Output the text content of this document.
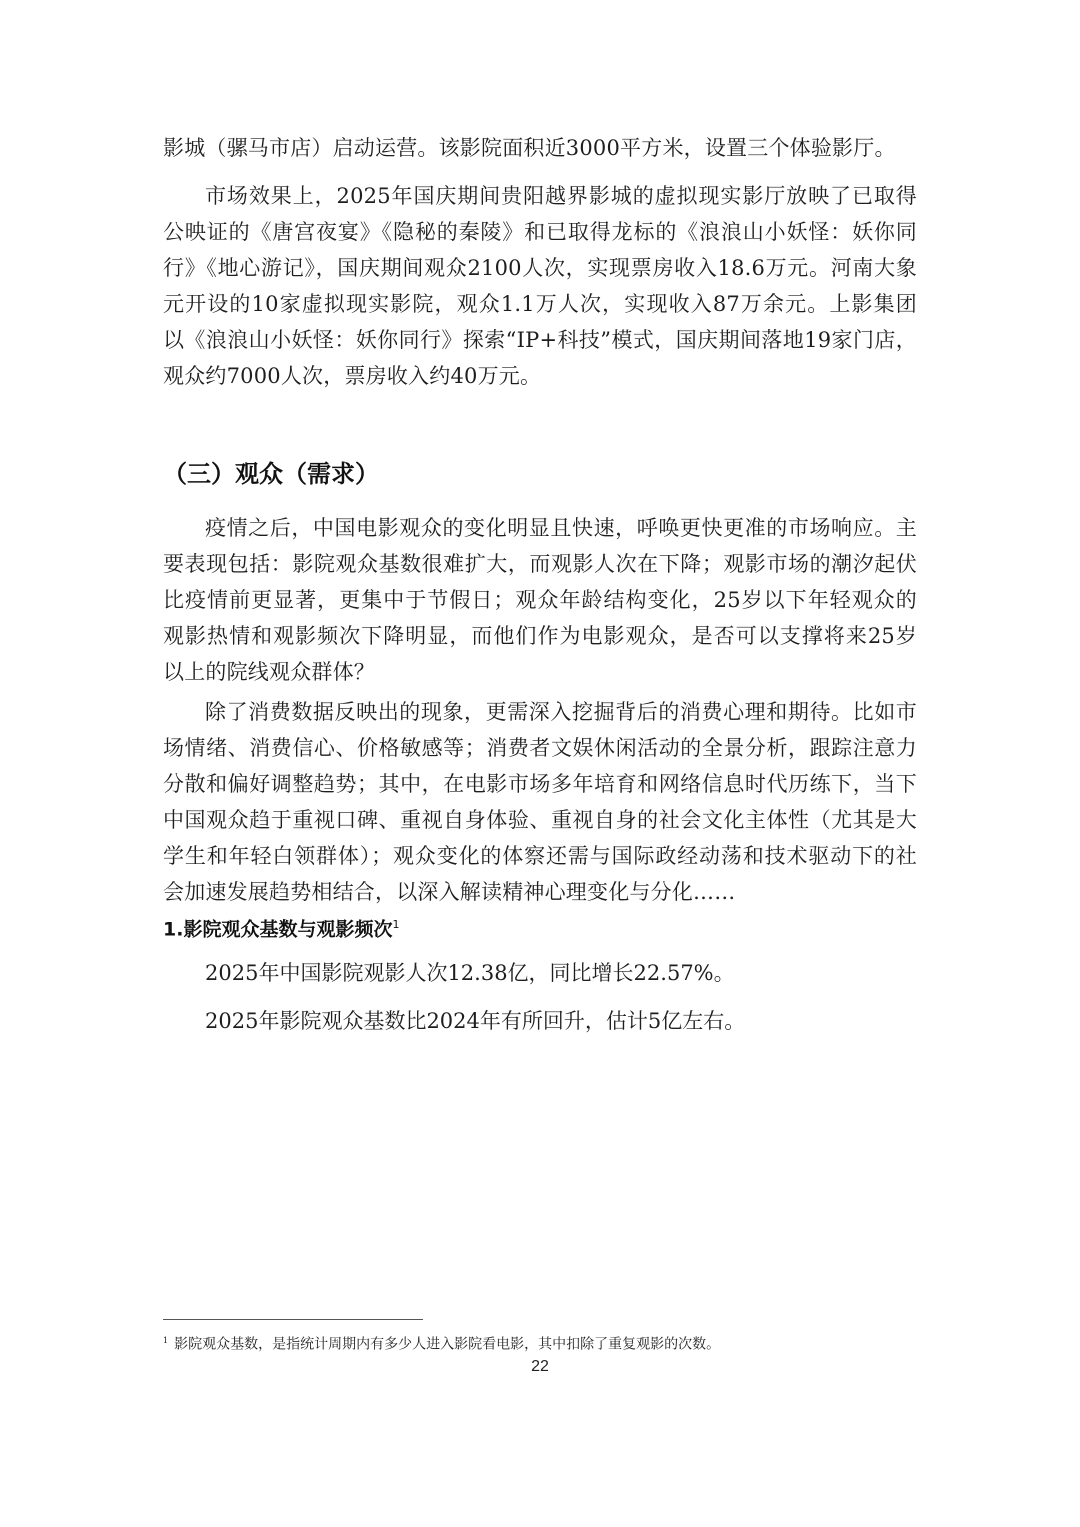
影城（骡马市店）启动运营。该影院面积近3000平方米，设置三个体验影厅。
市场效果上，2025年国庆期间贵阳越界影城的虚拟现实影厅放映了已取得
公映证的《唐宫夜宴》《隐秘的秦陵》和已取得龙标的《浪浪山小妖怪：妖你同
行》《地心游记》，国庆期间观众2100人次，实现票房收入18.6万元。河南大象
元开设的10家虚拟现实影院，观众1.1万人次，实现收入87万余元。上影集团
以《浪浪山小妖怪：妖你同行》探索“IP+科技”模式，国庆期间落地19家门店，
观众约7000人次，票房收入约40万元。
（三）观众（需求）
疫情之后，中国电影观众的变化明显且快速，呼唤更快更准的市场响应。主
要表现包括：影院观众基数很难扩大，而观影人次在下降；观影市场的潮汐起伏
比疫情前更显著，更集中于节假日；观众年龄结构变化，25岁以下年轻观众的
观影热情和观影频次下降明显，而他们作为电影观众，是否可以支撑将来25岁
以上的院线观众群体？
除了消费数据反映出的现象，更需深入挖掘背后的消费心理和期待。比如市
场情绪、消费信心、价格敏感等；消费者文娱休闲活动的全景分析，跟踪注意力
分散和偏好调整趋势；其中，在电影市场多年培育和网络信息时代历练下，当下
中国观众趋于重视口碑、重视自身体验、重视自身的社会文化主体性（尤其是大
学生和年轻白领群体）；观众变化的体察还需与国际政经动荡和技术驱动下的社
会加速发展趋势相结合，以深入解读精神心理变化与分化……
1.影院观众基数与观影频次$^1$

2025年中国影院观影人次12.38亿，同比增长22.57%。

2025年影院观众基数比2024年有所回升，估计5亿左右。

$^1$ 影院观众基数，是指统计周期内有多少人进入影院看电影，其中扣除了重复观影的次数。

22
